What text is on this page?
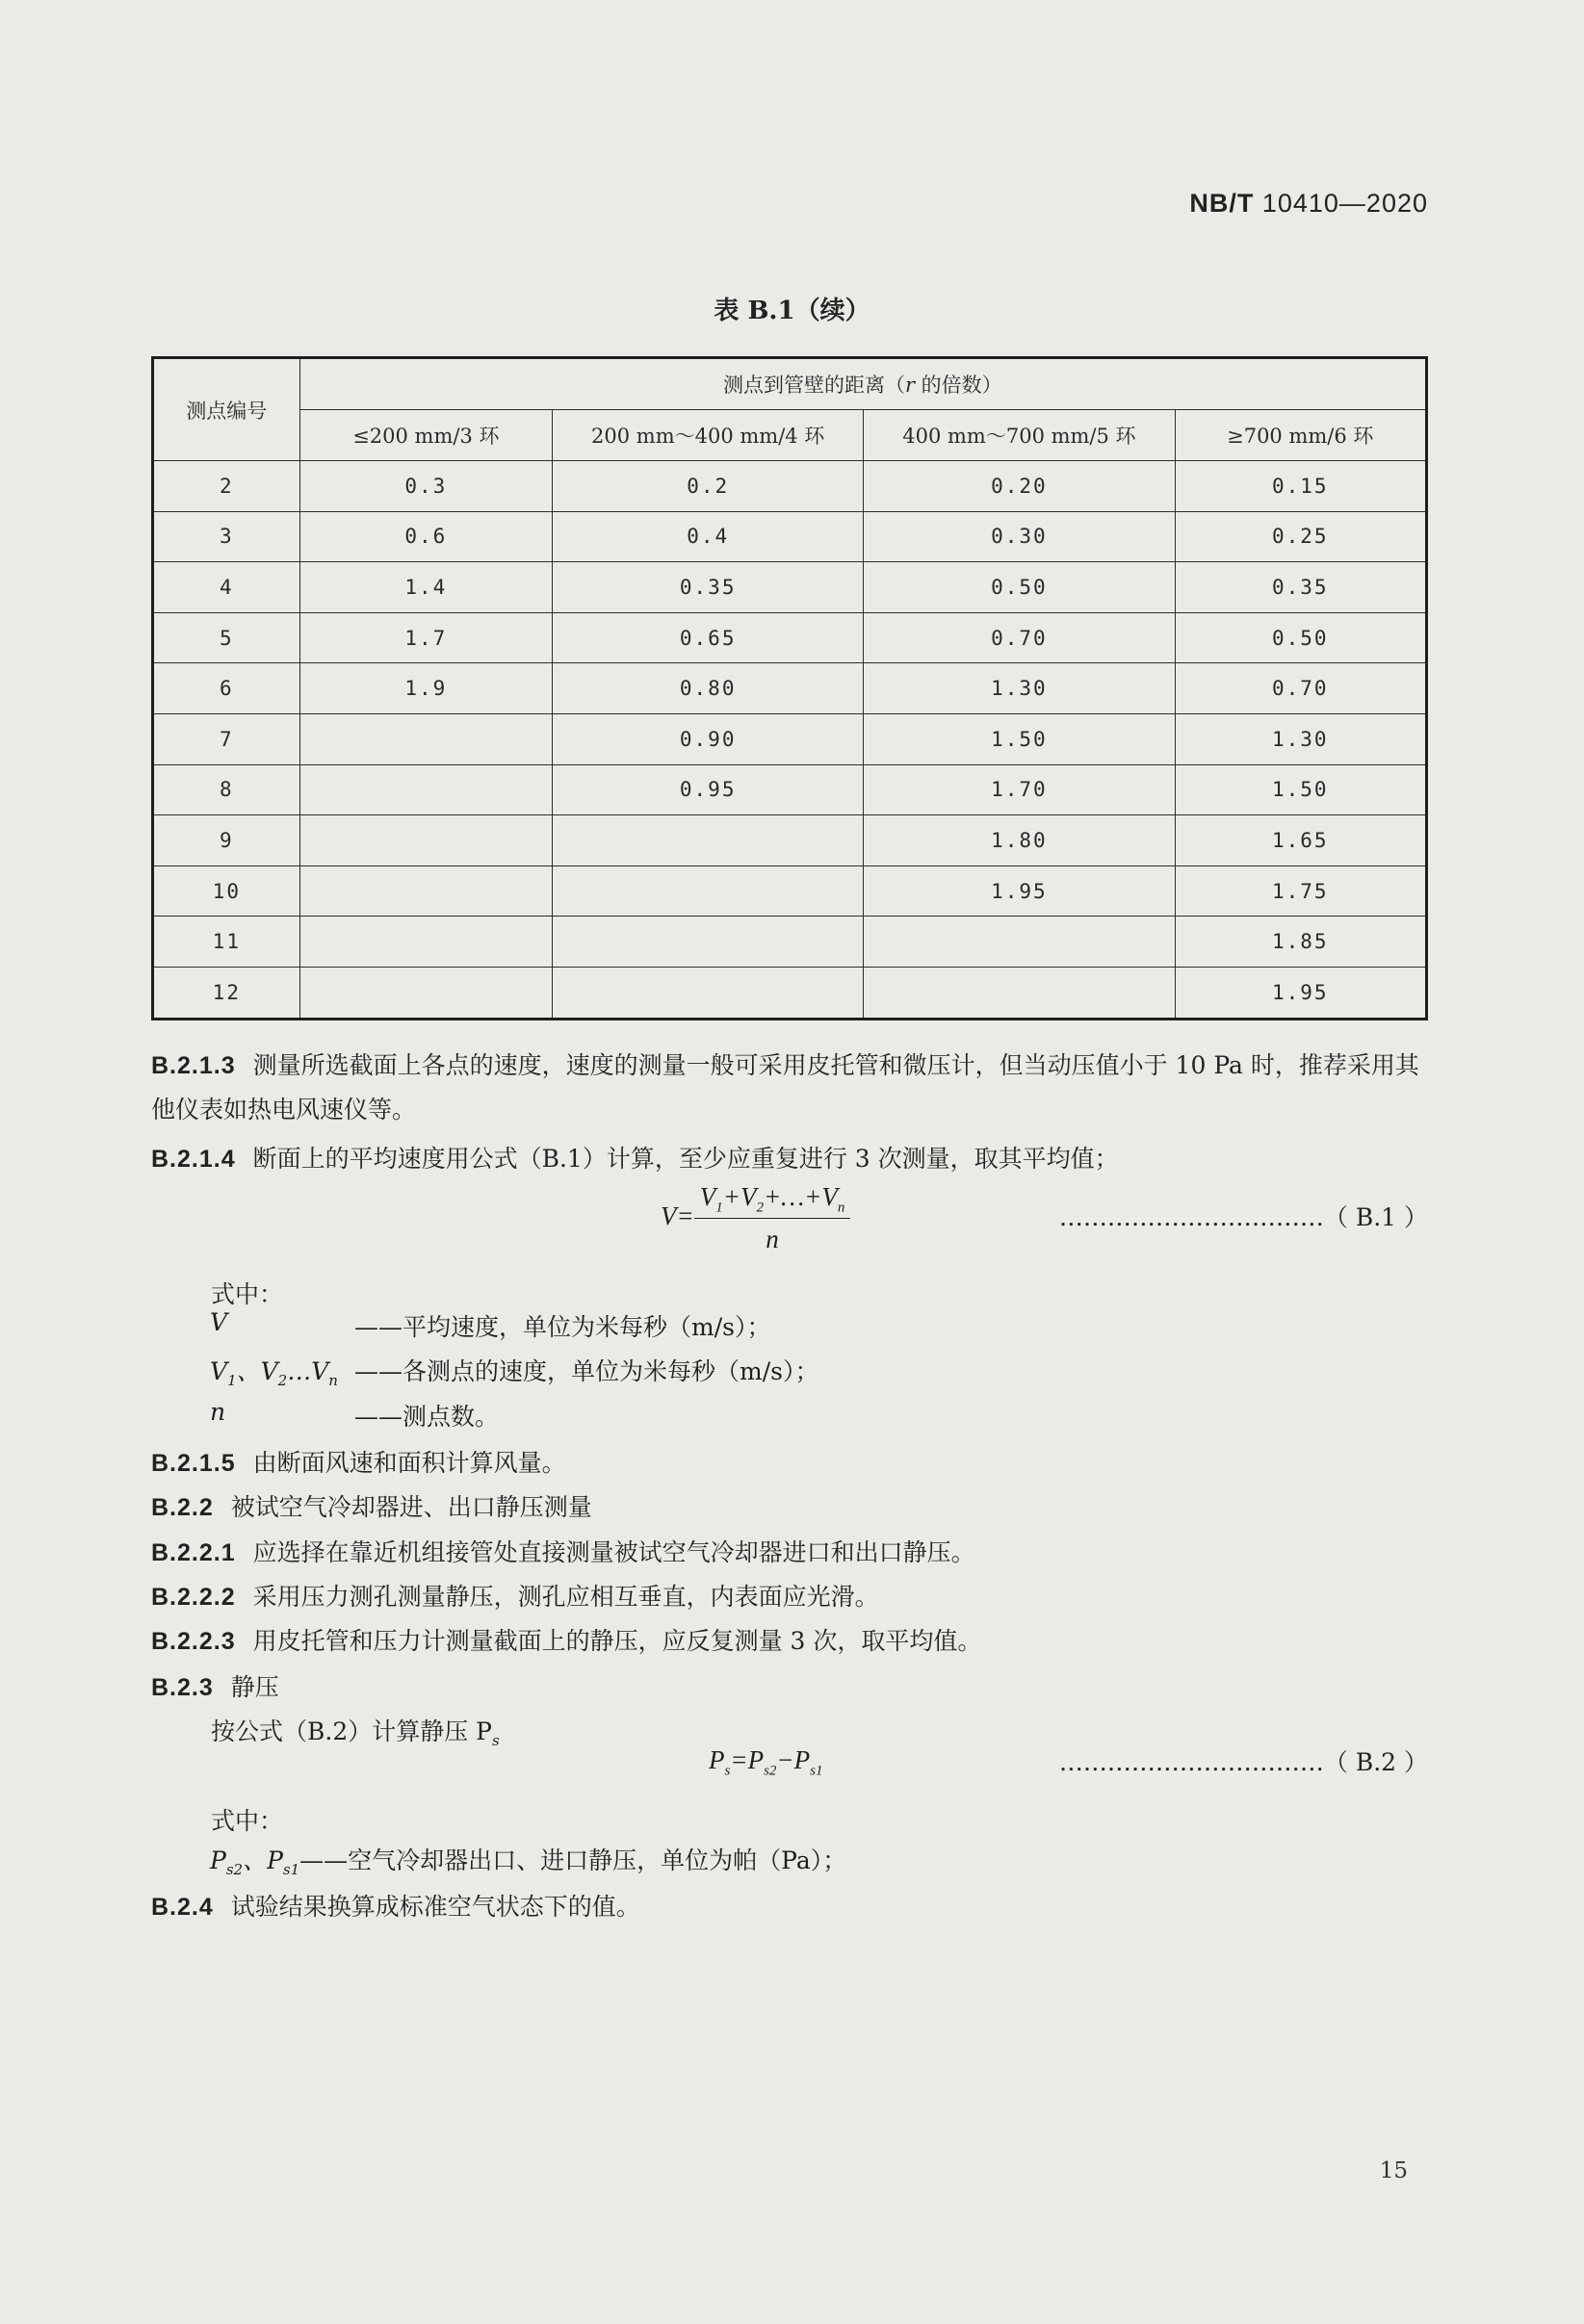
NB/T 10410—2020
表 B.1（续）
测点编号	测点到管壁的距离（r 的倍数）			
	≤200 mm/3 环	200 mm～400 mm/4 环	400 mm～700 mm/5 环	≥700 mm/6 环
2	0.3	0.2	0.20	0.15
3	0.6	0.4	0.30	0.25
4	1.4	0.35	0.50	0.35
5	1.7	0.65	0.70	0.50
6	1.9	0.80	1.30	0.70
7		0.90	1.50	1.30
8		0.95	1.70	1.50
9			1.80	1.65
10			1.95	1.75
11				1.85
12				1.95
B.2.1.3 测量所选截面上各点的速度，速度的测量一般可采用皮托管和微压计，但当动压值小于 10 Pa 时，推荐采用其他仪表如热电风速仪等。
B.2.1.4 断面上的平均速度用公式（B.1）计算，至少应重复进行 3 次测量，取其平均值；
$V= \frac{V_1+V_2+\dots+V_n}{n}$	……………………………（ B.1 ）
式中：
V	——平均速度，单位为米每秒（m/s）；
$V_1$、$V_2\dots V_n$ ——各测点的速度，单位为米每秒（m/s）；
n	——测点数。
B.2.1.5 由断面风速和面积计算风量。
B.2.2 被试空气冷却器进、出口静压测量
B.2.2.1 应选择在靠近机组接管处直接测量被试空气冷却器进口和出口静压。
B.2.2.2 采用压力测孔测量静压，测孔应相互垂直，内表面应光滑。
B.2.2.3 用皮托管和压力计测量截面上的静压，应反复测量 3 次，取平均值。
B.2.3 静压
按公式（B.2）计算静压 $P_s$
$P_s=P_{s2}-P_{s1}$	……………………………（ B.2 ）
式中：
$P_{s2}$、$P_{s1}——$空气冷却器出口、进口静压，单位为帕（Pa）；
B.2.4 试验结果换算成标准空气状态下的值。
15
